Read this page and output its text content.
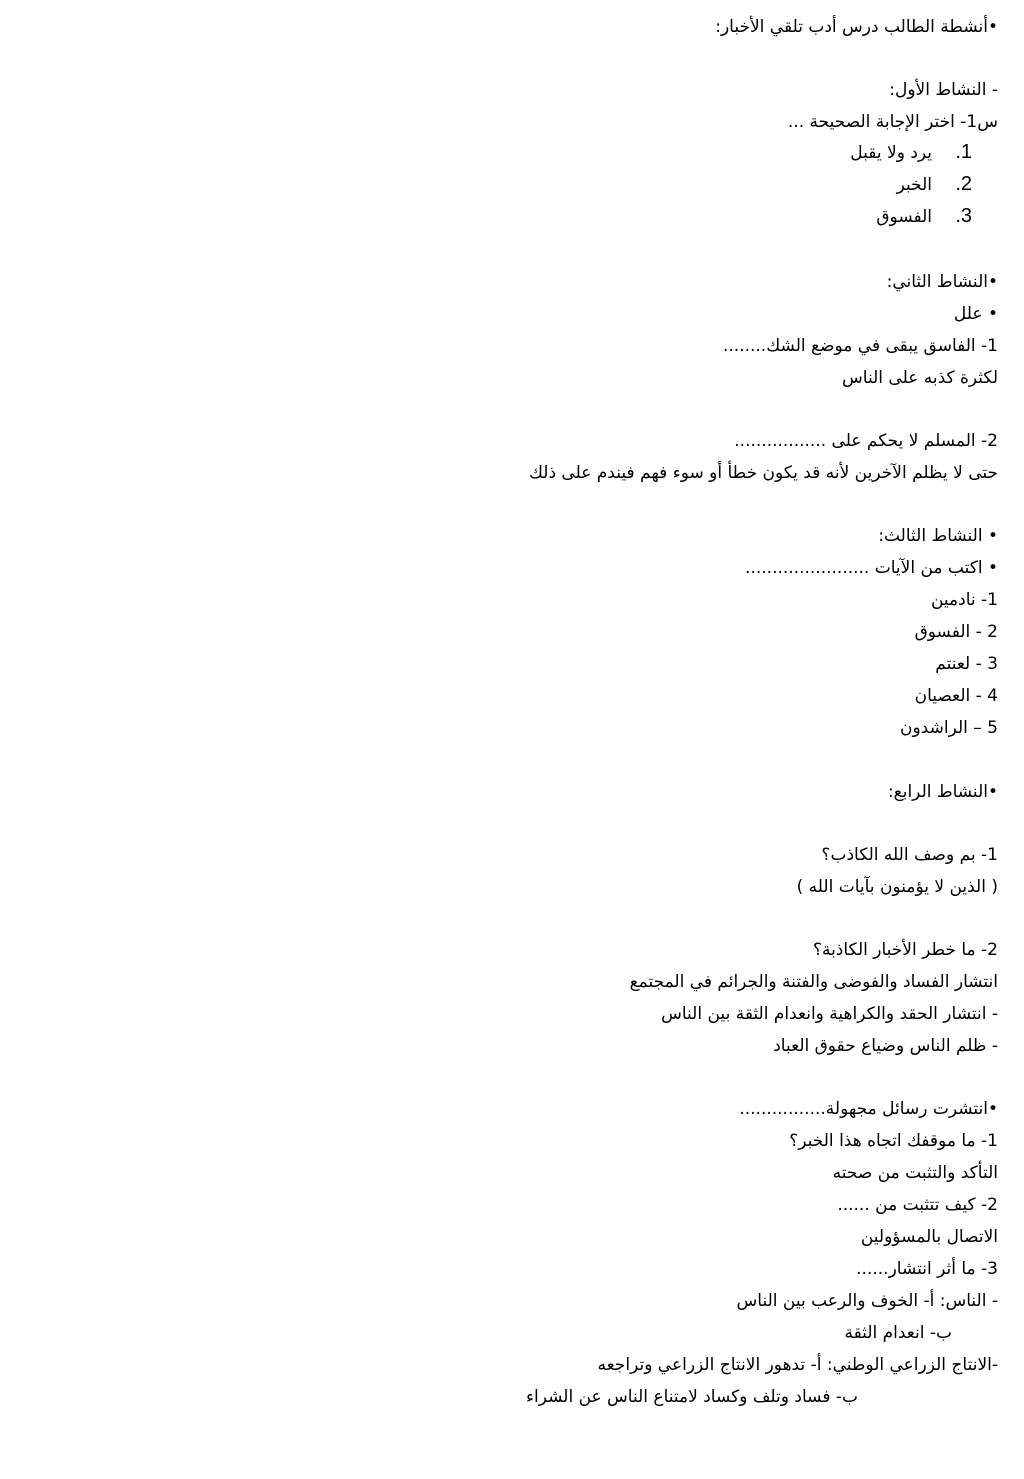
•أنشطة الطالب درس أدب تلقي الأخبار:

- النشاط الأول:

س1- اختر الإجابة الصحيحة ...

1.يرد ولا يقبل
2.الخبر
3.الفسوق

•النشاط الثاني:

• علل

1- الفاسق يبقى في موضع الشك........

لكثرة كذبه على الناس

2- المسلم لا يحكم على .................

حتى لا يظلم الآخرين لأنه قد يكون خطأ أو سوء فهم فيندم على ذلك

• النشاط الثالث:

• اكتب من الآيات .......................

1- نادمين

2 - الفسوق

3 - لعنتم

4 - العصيان

5 – الراشدون

•النشاط الرابع:

1- بم وصف الله الكاذب؟

( الذين لا يؤمنون بآيات الله )

2- ما خطر الأخبار الكاذبة؟

انتشار الفساد والفوضى والفتنة والجرائم في المجتمع

- انتشار الحقد والكراهية وانعدام الثقة بين الناس

- ظلم الناس وضياع حقوق العباد

•انتشرت رسائل مجهولة................

1- ما موقفك اتجاه هذا الخبر؟

التأكد والتثبت من صحته

2- كيف تتثبت من ......

الاتصال بالمسؤولين

3- ما أثر انتشار......

- الناس: أ- الخوف والرعب بين الناس

ب- انعدام الثقة

-الانتاج الزراعي الوطني: أ- تدهور الانتاج الزراعي وتراجعه

ب- فساد وتلف وكساد لامتناع الناس عن الشراء
